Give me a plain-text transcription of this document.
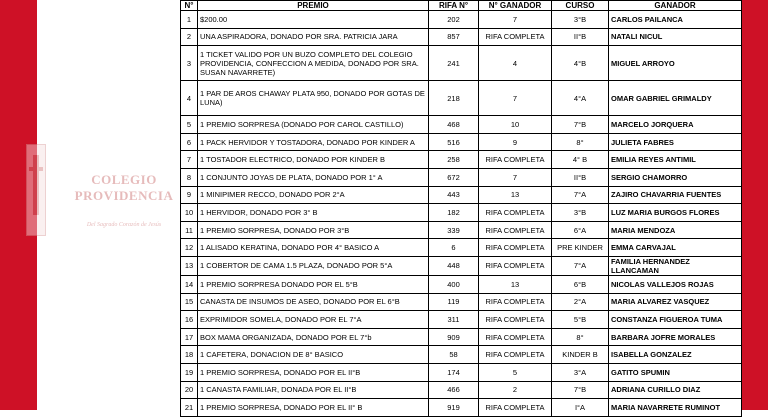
COLEGIO
PROVIDENCIA
Del Sagrado Corazón de Jesús
N°	PREMIO	RIFA N°	N° GANADOR	CURSO	GANADOR
1	$200.00	202	7	3°B	CARLOS PAILANCA
2	UNA ASPIRADORA, DONADO POR SRA. PATRICIA JARA	857	RIFA COMPLETA	II°B	NATALI NICUL
3	1 TICKET VALIDO POR UN BUZO COMPLETO DEL COLEGIO PROVIDENCIA, CONFECCION A MEDIDA, DONADO POR SRA. SUSAN NAVARRETE)	241	4	4°B	MIGUEL ARROYO
4	1 PAR DE AROS CHAWAY PLATA 950, DONADO POR GOTAS DE LUNA)	218	7	4°A	OMAR GABRIEL GRIMALDY
5	1 PREMIO SORPRESA (DONADO POR CAROL CASTILLO)	468	10	7°B	MARCELO JORQUERA
6	1 PACK HERVIDOR Y TOSTADORA, DONADO POR KINDER A	516	9	8°	JULIETA FABRES
7	1 TOSTADOR ELECTRICO, DONADO POR KINDER B	258	RIFA COMPLETA	4° B	EMILIA REYES ANTIMIL
8	1 CONJUNTO JOYAS DE PLATA, DONADO POR 1° A	672	7	II°B	SERGIO CHAMORRO
9	1 MINIPIMER RECCO, DONADO POR 2°A	443	13	7°A	ZAJIRO CHAVARRIA FUENTES
10	1 HERVIDOR, DONADO POR 3° B	182	RIFA COMPLETA	3°B	LUZ MARIA BURGOS FLORES
11	1 PREMIO SORPRESA, DONADO POR 3°B	339	RIFA COMPLETA	6°A	MARIA MENDOZA
12	1 ALISADO KERATINA, DONADO POR 4° BASICO A	6	RIFA COMPLETA	PRE KINDER	EMMA CARVAJAL
13	1 COBERTOR DE CAMA 1.5 PLAZA, DONADO POR 5°A	448	RIFA COMPLETA	7°A	FAMILIA HERNANDEZ LLANCAMAN
14	1 PREMIO SORPRESA DONADO POR EL 5°B	400	13	6°B	NICOLAS VALLEJOS ROJAS
15	CANASTA DE INSUMOS DE ASEO, DONADO POR EL 6°B	119	RIFA COMPLETA	2°A	MARIA ALVAREZ VASQUEZ
16	EXPRIMIDOR SOMELA, DONADO POR EL 7°A	311	RIFA COMPLETA	5°B	CONSTANZA FIGUEROA TUMA
17	BOX MAMA ORGANIZADA, DONADO POR EL 7°b	909	RIFA COMPLETA	8°	BARBARA JOFRE MORALES
18	1 CAFETERA, DONACION DE 8° BASICO	58	RIFA COMPLETA	KINDER B	ISABELLA GONZALEZ
19	1 PREMIO SORPRESA, DONADO POR EL II°B	174	5	3°A	GATITO SPUMIN
20	1 CANASTA FAMILIAR, DONADA POR EL II°B	466	2	7°B	ADRIANA CURILLO DIAZ
21	1 PREMIO SORPRESA, DONADO POR EL II° B	919	RIFA COMPLETA	I°A	MARIA NAVARRETE RUMINOT
